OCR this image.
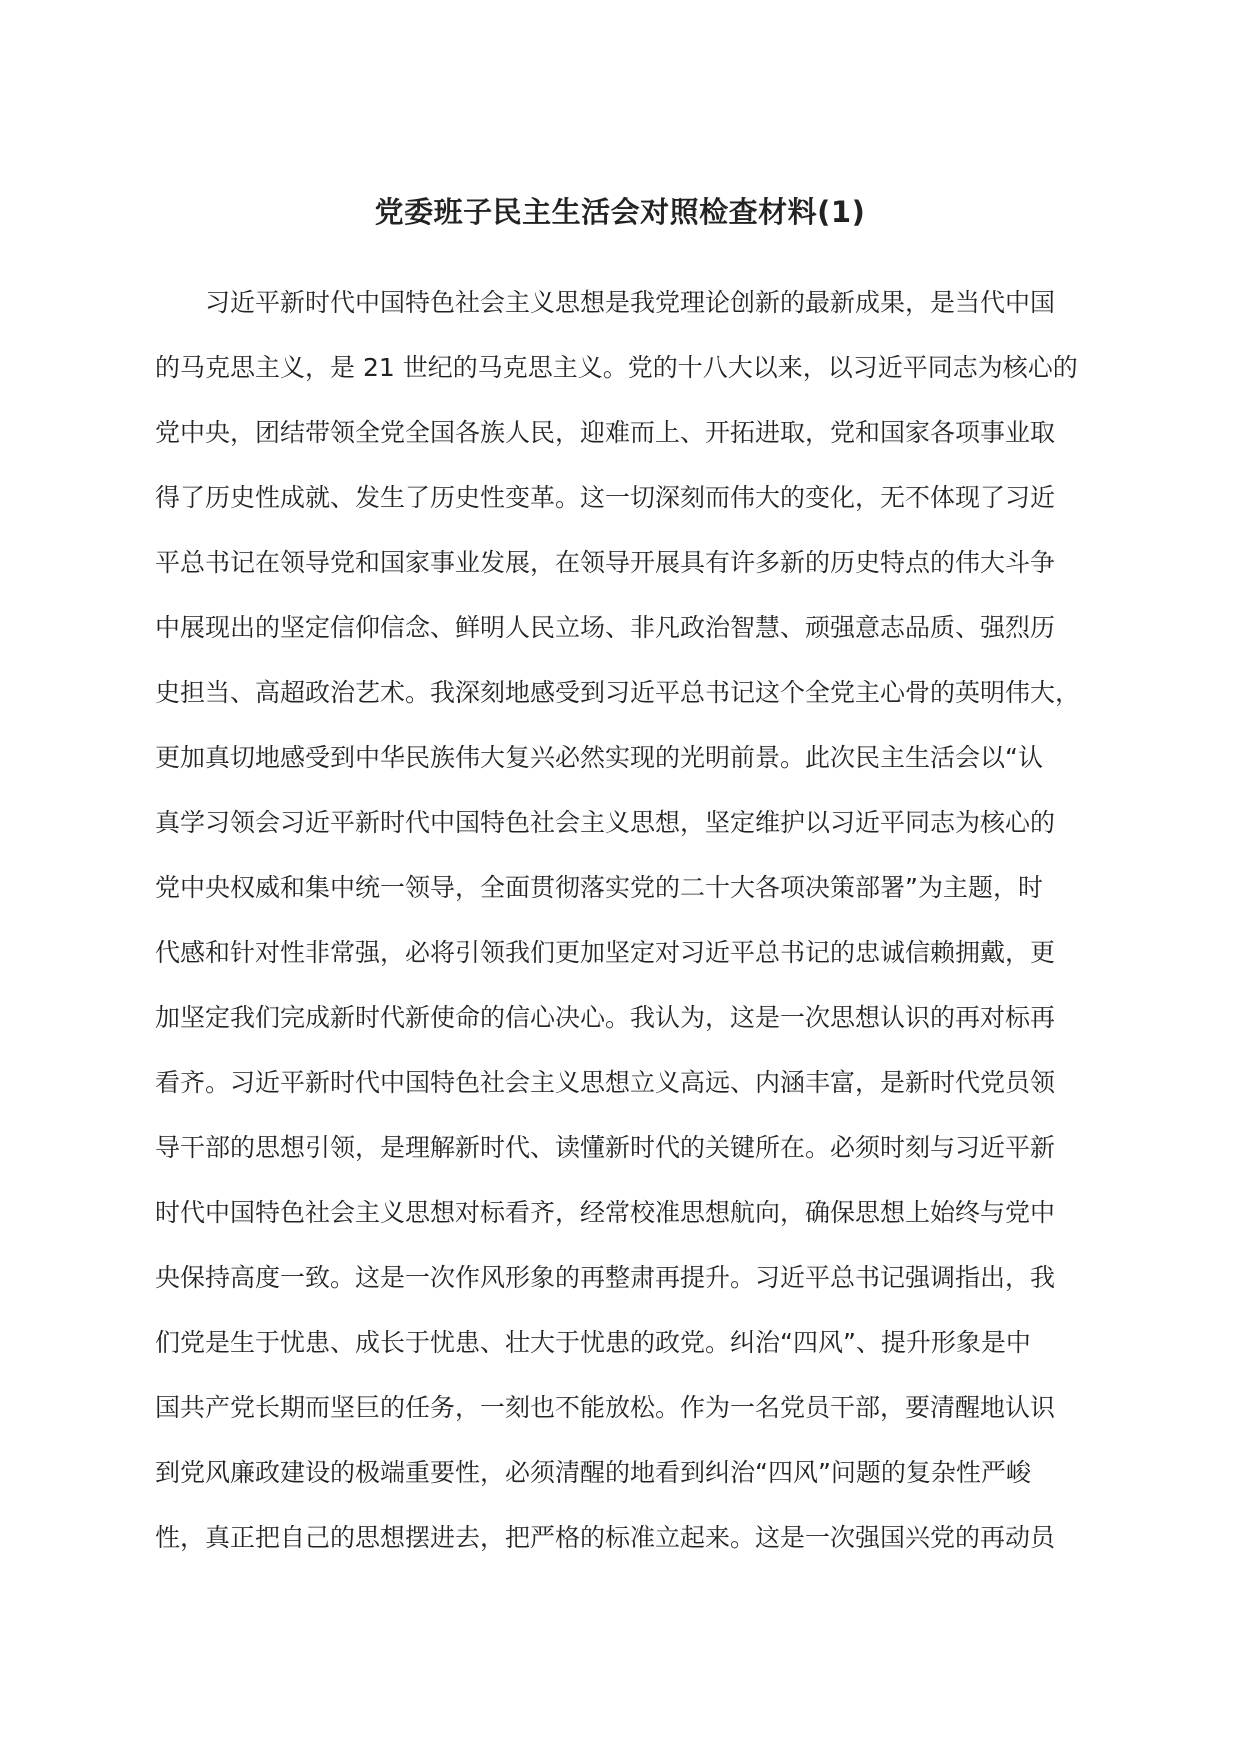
党委班子民主生活会对照检查材料(1)
习近平新时代中国特色社会主义思想是我党理论创新的最新成果，是当代中国
的马克思主义，是 21 世纪的马克思主义。党的十八大以来，以习近平同志为核心的
党中央，团结带领全党全国各族人民，迎难而上、开拓进取，党和国家各项事业取
得了历史性成就、发生了历史性变革。这一切深刻而伟大的变化，无不体现了习近
平总书记在领导党和国家事业发展，在领导开展具有许多新的历史特点的伟大斗争
中展现出的坚定信仰信念、鲜明人民立场、非凡政治智慧、顽强意志品质、强烈历
史担当、高超政治艺术。我深刻地感受到习近平总书记这个全党主心骨的英明伟大，
更加真切地感受到中华民族伟大复兴必然实现的光明前景。此次民主生活会以“认
真学习领会习近平新时代中国特色社会主义思想，坚定维护以习近平同志为核心的
党中央权威和集中统一领导，全面贯彻落实党的二十大各项决策部署”为主题，时
代感和针对性非常强，必将引领我们更加坚定对习近平总书记的忠诚信赖拥戴，更
加坚定我们完成新时代新使命的信心决心。我认为，这是一次思想认识的再对标再
看齐。习近平新时代中国特色社会主义思想立义高远、内涵丰富，是新时代党员领
导干部的思想引领，是理解新时代、读懂新时代的关键所在。必须时刻与习近平新
时代中国特色社会主义思想对标看齐，经常校准思想航向，确保思想上始终与党中
央保持高度一致。这是一次作风形象的再整肃再提升。习近平总书记强调指出，我
们党是生于忧患、成长于忧患、壮大于忧患的政党。纠治“四风”、提升形象是中
国共产党长期而坚巨的任务，一刻也不能放松。作为一名党员干部，要清醒地认识
到党风廉政建设的极端重要性，必须清醒的地看到纠治“四风”问题的复杂性严峻
性，真正把自己的思想摆进去，把严格的标准立起来。这是一次强国兴党的再动员
